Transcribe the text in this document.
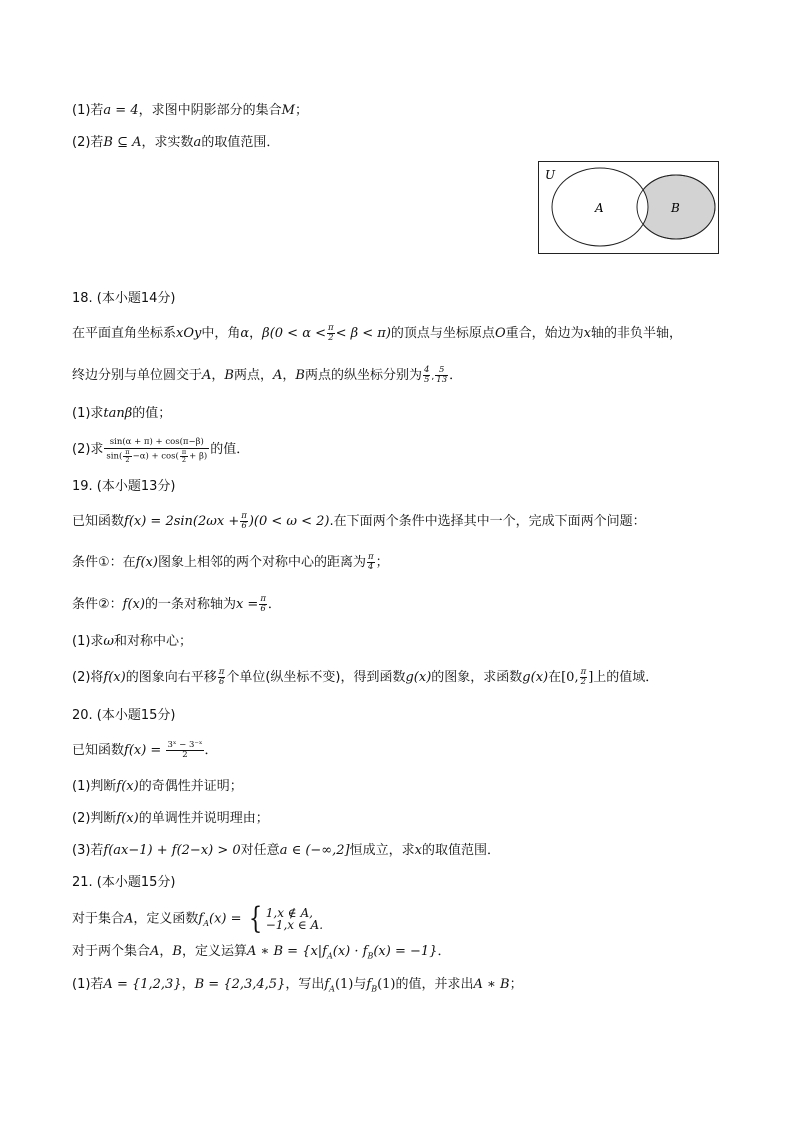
(1)若a = 4，求图中阴影部分的集合M；
(2)若B ⊆ A，求实数a的取值范围．
U
A	B
18. (本小题14分)
在平面直角坐标系xOy中，角α，$\beta(0 < \alpha < \frac{\pi}{2} < \beta < \pi)$的顶点与坐标原点O重合，始边为x轴的非负半轴，
终边分别与单位圆交于A，B两点，A，B两点的纵坐标分别为 $\frac{4}{5}$ , $\frac{5}{13}$ ．
(1)求tanβ的值；
(2)求 $\frac{\sin(\alpha + \pi) + \cos(\pi-\beta)}{\sin( \frac{\pi}{2} -\alpha) + \cos( \frac{\pi}{2} + \beta)}$ 的值．
19. (本小题13分)
已知函数$f(x) = 2\sin(2\omega x + \frac{\pi}{6} )(0 < \omega < 2)$.在下面两个条件中选择其中一个，完成下面两个问题：
条件①：在f(x)图象上相邻的两个对称中心的距离为 $\frac{\pi}{4}$ ；
条件②：f(x)的一条对称轴为$x = \frac{\pi}{6}$ ．
(1)求ω和对称中心；
(2)将f(x)的图象向右平移 $\frac{\pi}{6}$ 个单位(纵坐标不变)，得到函数g(x)的图象，求函数g(x)在[0, $\frac{\pi}{2}$ ]上的值域．
20. (本小题15分)
已知函数$f(x) = \frac{\text{3ˣ − 3⁻ˣ}}{2}$ ．
(1)判断f(x)的奇偶性并证明；
(2)判断f(x)的单调性并说明理由；
(3)若f(ax−1) + f(2−x) > 0对任意a ∈ (−∞,2]恒成立，求x的取值范围．
21. (本小题15分)
对于集合A，定义函数$f_A(x)$ = { 1,x ∉ A,
−1,x ∈ A.
对于两个集合A，B，定义运算A ∗ $B = \{x|f_A(x) \cdot f_B(x) = -1\}$．
(1)若A = {1,2,3}，B = {2,3,4,5}，写出$f_A(1)$与$f_B(1)$的值，并求出A ∗ B；
